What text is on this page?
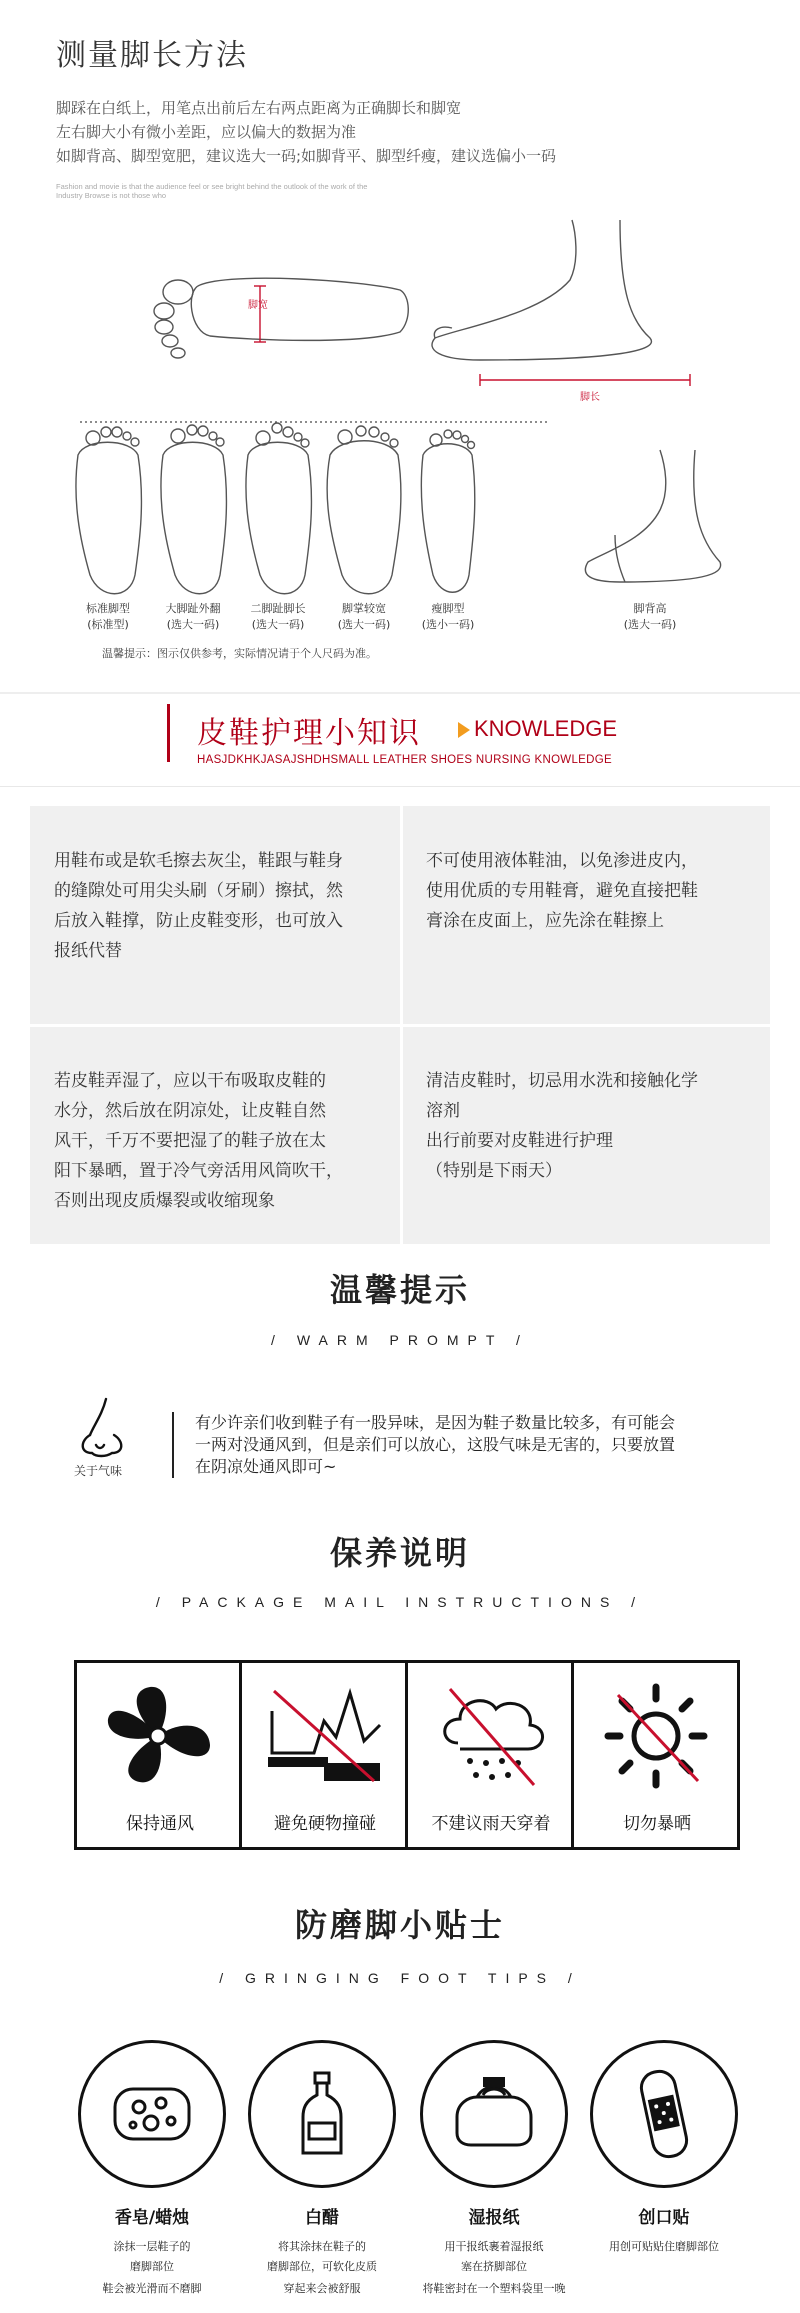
测量脚长方法
脚踩在白纸上，用笔点出前后左右两点距离为正确脚长和脚宽
左右脚大小有微小差距，应以偏大的数据为准
如脚背高、脚型宽肥，建议选大一码;如脚背平、脚型纤瘦，建议选偏小一码
Fashion and movie is that the audience feel or see bright behind the outlook of the work of the
Industry Browse is not those who
脚宽
脚长
标准脚型
(标准型)
大脚趾外翻
(选大一码)
二脚趾脚长
(选大一码)
脚掌较宽
(选大一码)
瘦脚型
(选小一码)
脚背高
(选大一码)
温馨提示：图示仅供参考，实际情况请于个人尺码为准。
皮鞋护理小知识 KNOWLEDGE
HASJDKHKJASAJSHDHSMALL LEATHER SHOES NURSING KNOWLEDGE
用鞋布或是软毛擦去灰尘，鞋跟与鞋身
的缝隙处可用尖头刷（牙刷）擦拭，然
后放入鞋撑，防止皮鞋变形，也可放入
报纸代替
不可使用液体鞋油，以免渗进皮内，
使用优质的专用鞋膏，避免直接把鞋
膏涂在皮面上，应先涂在鞋擦上
若皮鞋弄湿了，应以干布吸取皮鞋的
水分，然后放在阴凉处，让皮鞋自然
风干，千万不要把湿了的鞋子放在太
阳下暴晒，置于冷气旁活用风筒吹干，
否则出现皮质爆裂或收缩现象
清洁皮鞋时，切忌用水洗和接触化学
溶剂
出行前要对皮鞋进行护理
（特别是下雨天）
温馨提示
/ WARM PROMPT /
关于气味
有少许亲们收到鞋子有一股异味，是因为鞋子数量比较多，有可能会
一两对没通风到，但是亲们可以放心，这股气味是无害的，只要放置
在阴凉处通风即可~
保养说明
/ PACKAGE MAIL INSTRUCTIONS /
保持通风	避免硬物撞碰	不建议雨天穿着	切勿暴晒
防磨脚小贴士
/ GRINGING FOOT TIPS /
香皂/蜡烛	白醋	湿报纸	创口贴
涂抹一层鞋子的
磨脚部位
鞋会被光滑而不磨脚
将其涂抹在鞋子的
磨脚部位，可软化皮质
穿起来会被舒服
用干报纸裹着湿报纸
塞在挤脚部位
将鞋密封在一个塑料袋里一晚
用创可贴贴住磨脚部位
